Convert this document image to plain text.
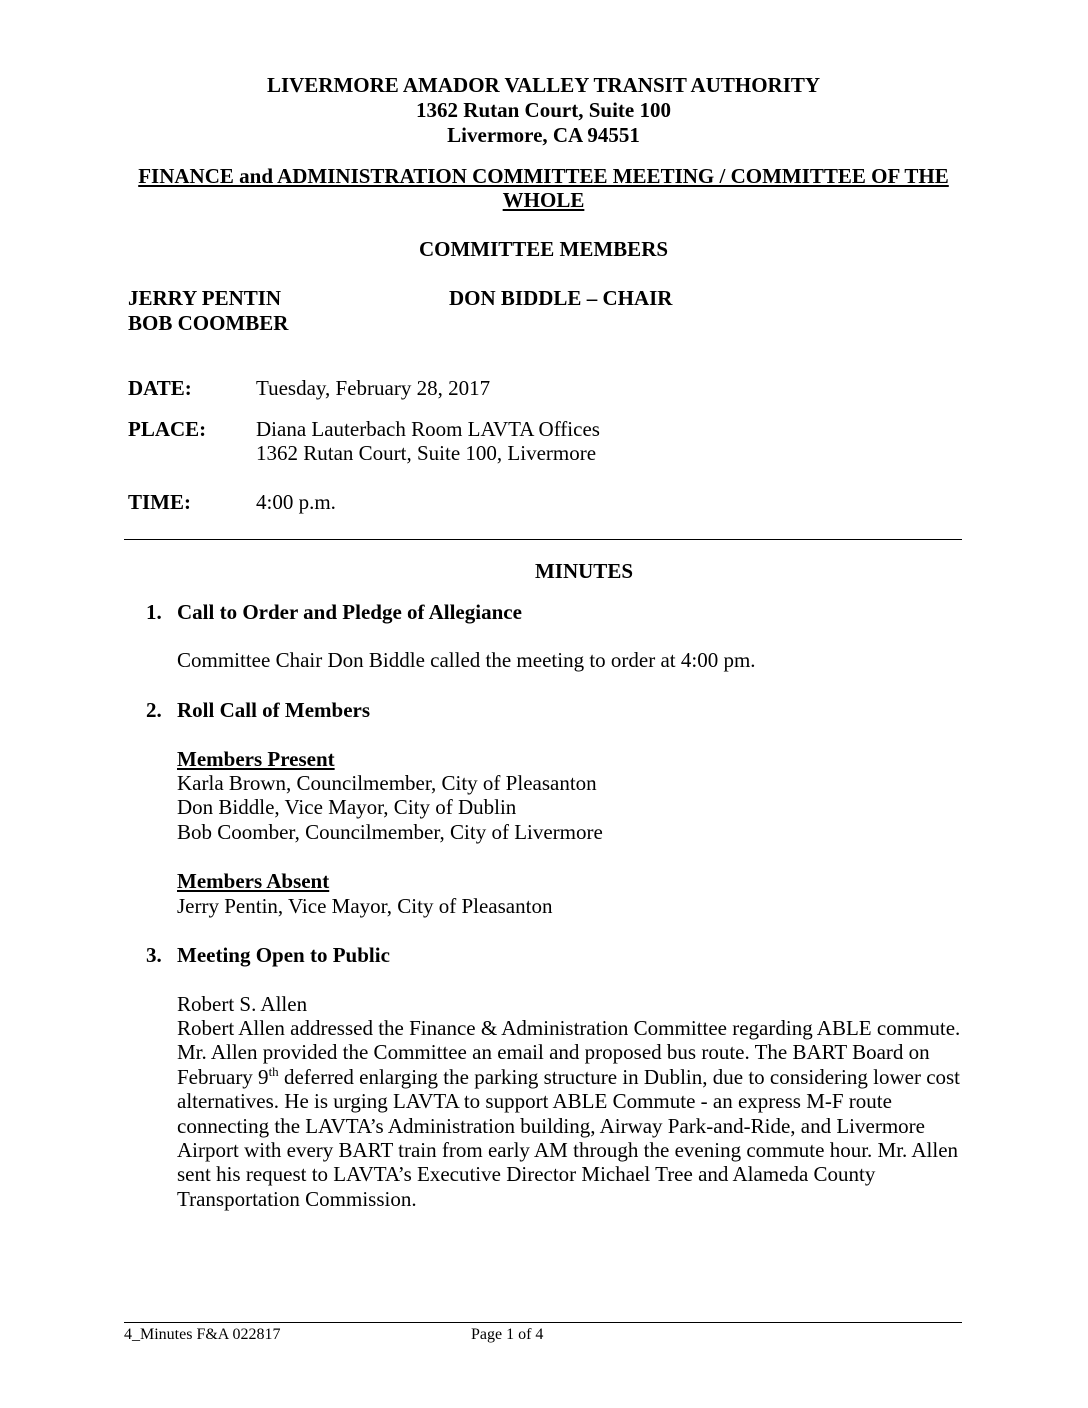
LIVERMORE AMADOR VALLEY TRANSIT AUTHORITY
1362 Rutan Court, Suite 100
Livermore, CA 94551
FINANCE and ADMINISTRATION COMMITTEE MEETING / COMMITTEE OF THE
WHOLE
COMMITTEE MEMBERS
JERRY PENTIN
BOB COOMBER
DON BIDDLE – CHAIR
DATE:	Tuesday, February 28, 2017
PLACE: Diana Lauterbach Room LAVTA Offices
1362 Rutan Court, Suite 100, Livermore
TIME:	4:00 p.m.
MINUTES
1. Call to Order and Pledge of Allegiance
Committee Chair Don Biddle called the meeting to order at 4:00 pm.
2. Roll Call of Members
Members Present
Karla Brown, Councilmember, City of Pleasanton
Don Biddle, Vice Mayor, City of Dublin
Bob Coomber, Councilmember, City of Livermore
Members Absent
Jerry Pentin, Vice Mayor, City of Pleasanton
3. Meeting Open to Public
Robert S. Allen
Robert Allen addressed the Finance & Administration Committee regarding ABLE commute. Mr. Allen provided the Committee an email and proposed bus route. The BART Board on February 9th deferred enlarging the parking structure in Dublin, due to considering lower cost alternatives. He is urging LAVTA to support ABLE Commute - an express M-F route connecting the LAVTA’s Administration building, Airway Park-and-Ride, and Livermore Airport with every BART train from early AM through the evening commute hour. Mr. Allen sent his request to LAVTA’s Executive Director Michael Tree and Alameda County Transportation Commission.
4_Minutes F&A 022817	Page 1 of 4
